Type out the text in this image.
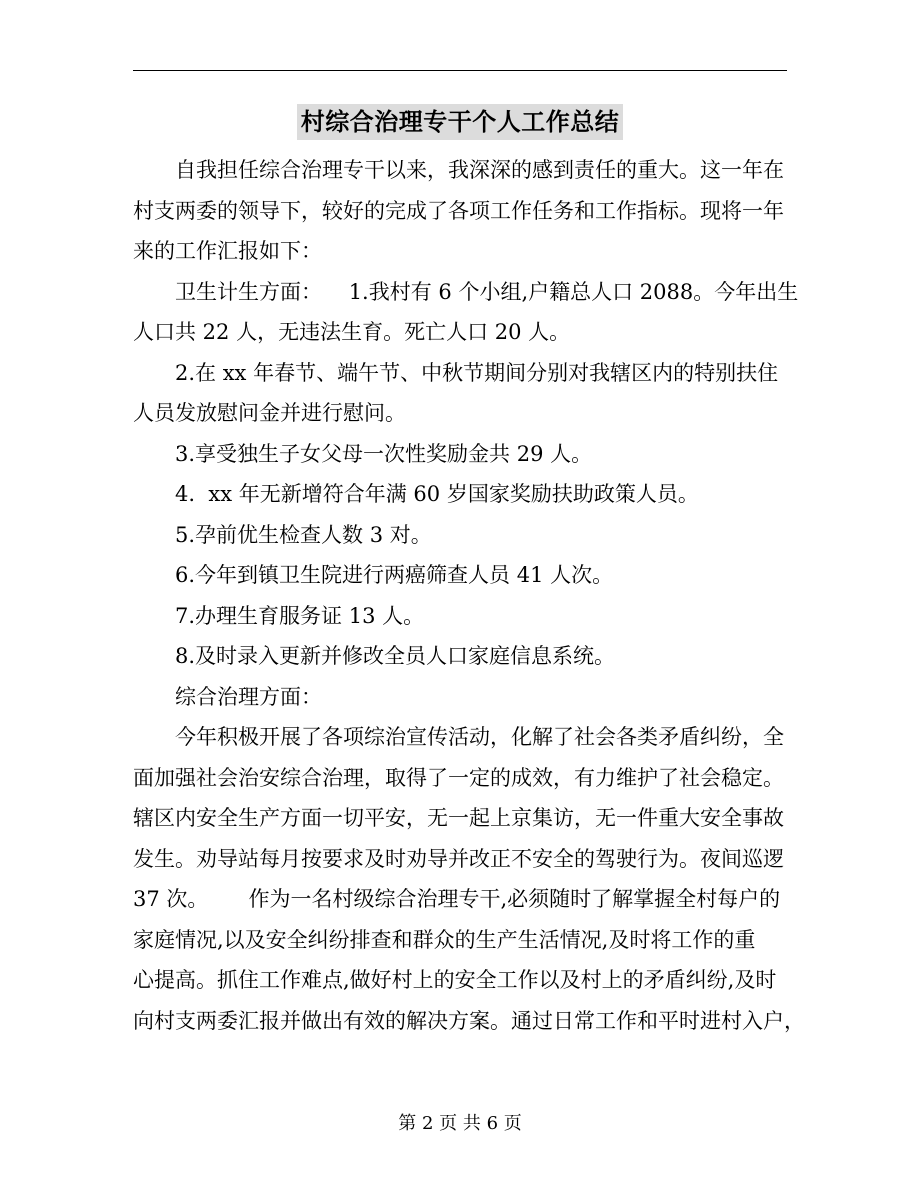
村综合治理专干个人工作总结
自我担任综合治理专干以来，我深深的感到责任的重大。这一年在
村支两委的领导下，较好的完成了各项工作任务和工作指标。现将一年
来的工作汇报如下：
卫生计生方面：    1.我村有 6 个小组,户籍总人口 2088。今年出生
人口共 22 人，无违法生育。死亡人口 20 人。
2.在 xx 年春节、端午节、中秋节期间分别对我辖区内的特别扶住
人员发放慰问金并进行慰问。
3.享受独生子女父母一次性奖励金共 29 人。
4.  xx 年无新增符合年满 60 岁国家奖励扶助政策人员。
5.孕前优生检查人数 3 对。
6.今年到镇卫生院进行两癌筛查人员 41 人次。
7.办理生育服务证 13 人。
8.及时录入更新并修改全员人口家庭信息系统。
综合治理方面：
今年积极开展了各项综治宣传活动，化解了社会各类矛盾纠纷，全
面加强社会治安综合治理，取得了一定的成效，有力维护了社会稳定。
辖区内安全生产方面一切平安，无一起上京集访，无一件重大安全事故
发生。劝导站每月按要求及时劝导并改正不安全的驾驶行为。夜间巡逻
37 次。      作为一名村级综合治理专干,必须随时了解掌握全村每户的
家庭情况,以及安全纠纷排查和群众的生产生活情况,及时将工作的重
心提高。抓住工作难点,做好村上的安全工作以及村上的矛盾纠纷,及时
向村支两委汇报并做出有效的解决方案。通过日常工作和平时进村入户，
第 2 页 共 6 页
